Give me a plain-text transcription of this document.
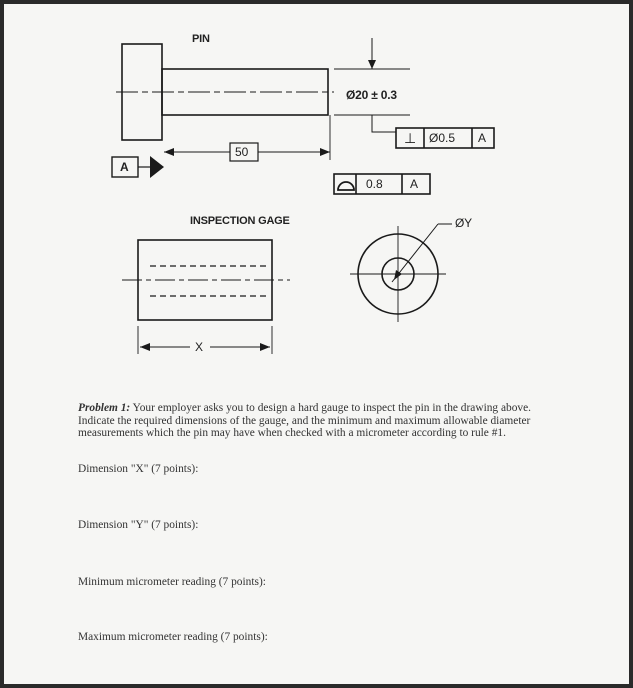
PIN
Ø20 ± 0.3
50
A
⊥ Ø0.5 A
0.8 A
INSPECTION GAGE	ØY
X
Problem 1: Your employer asks you to design a hard gauge to inspect the pin in the drawing above. Indicate the required dimensions of the gauge, and the minimum and maximum allowable diameter measurements which the pin may have when checked with a micrometer according to rule #1.
Dimension "X" (7 points):
Dimension "Y" (7 points):
Minimum micrometer reading (7 points):
Maximum micrometer reading (7 points):
